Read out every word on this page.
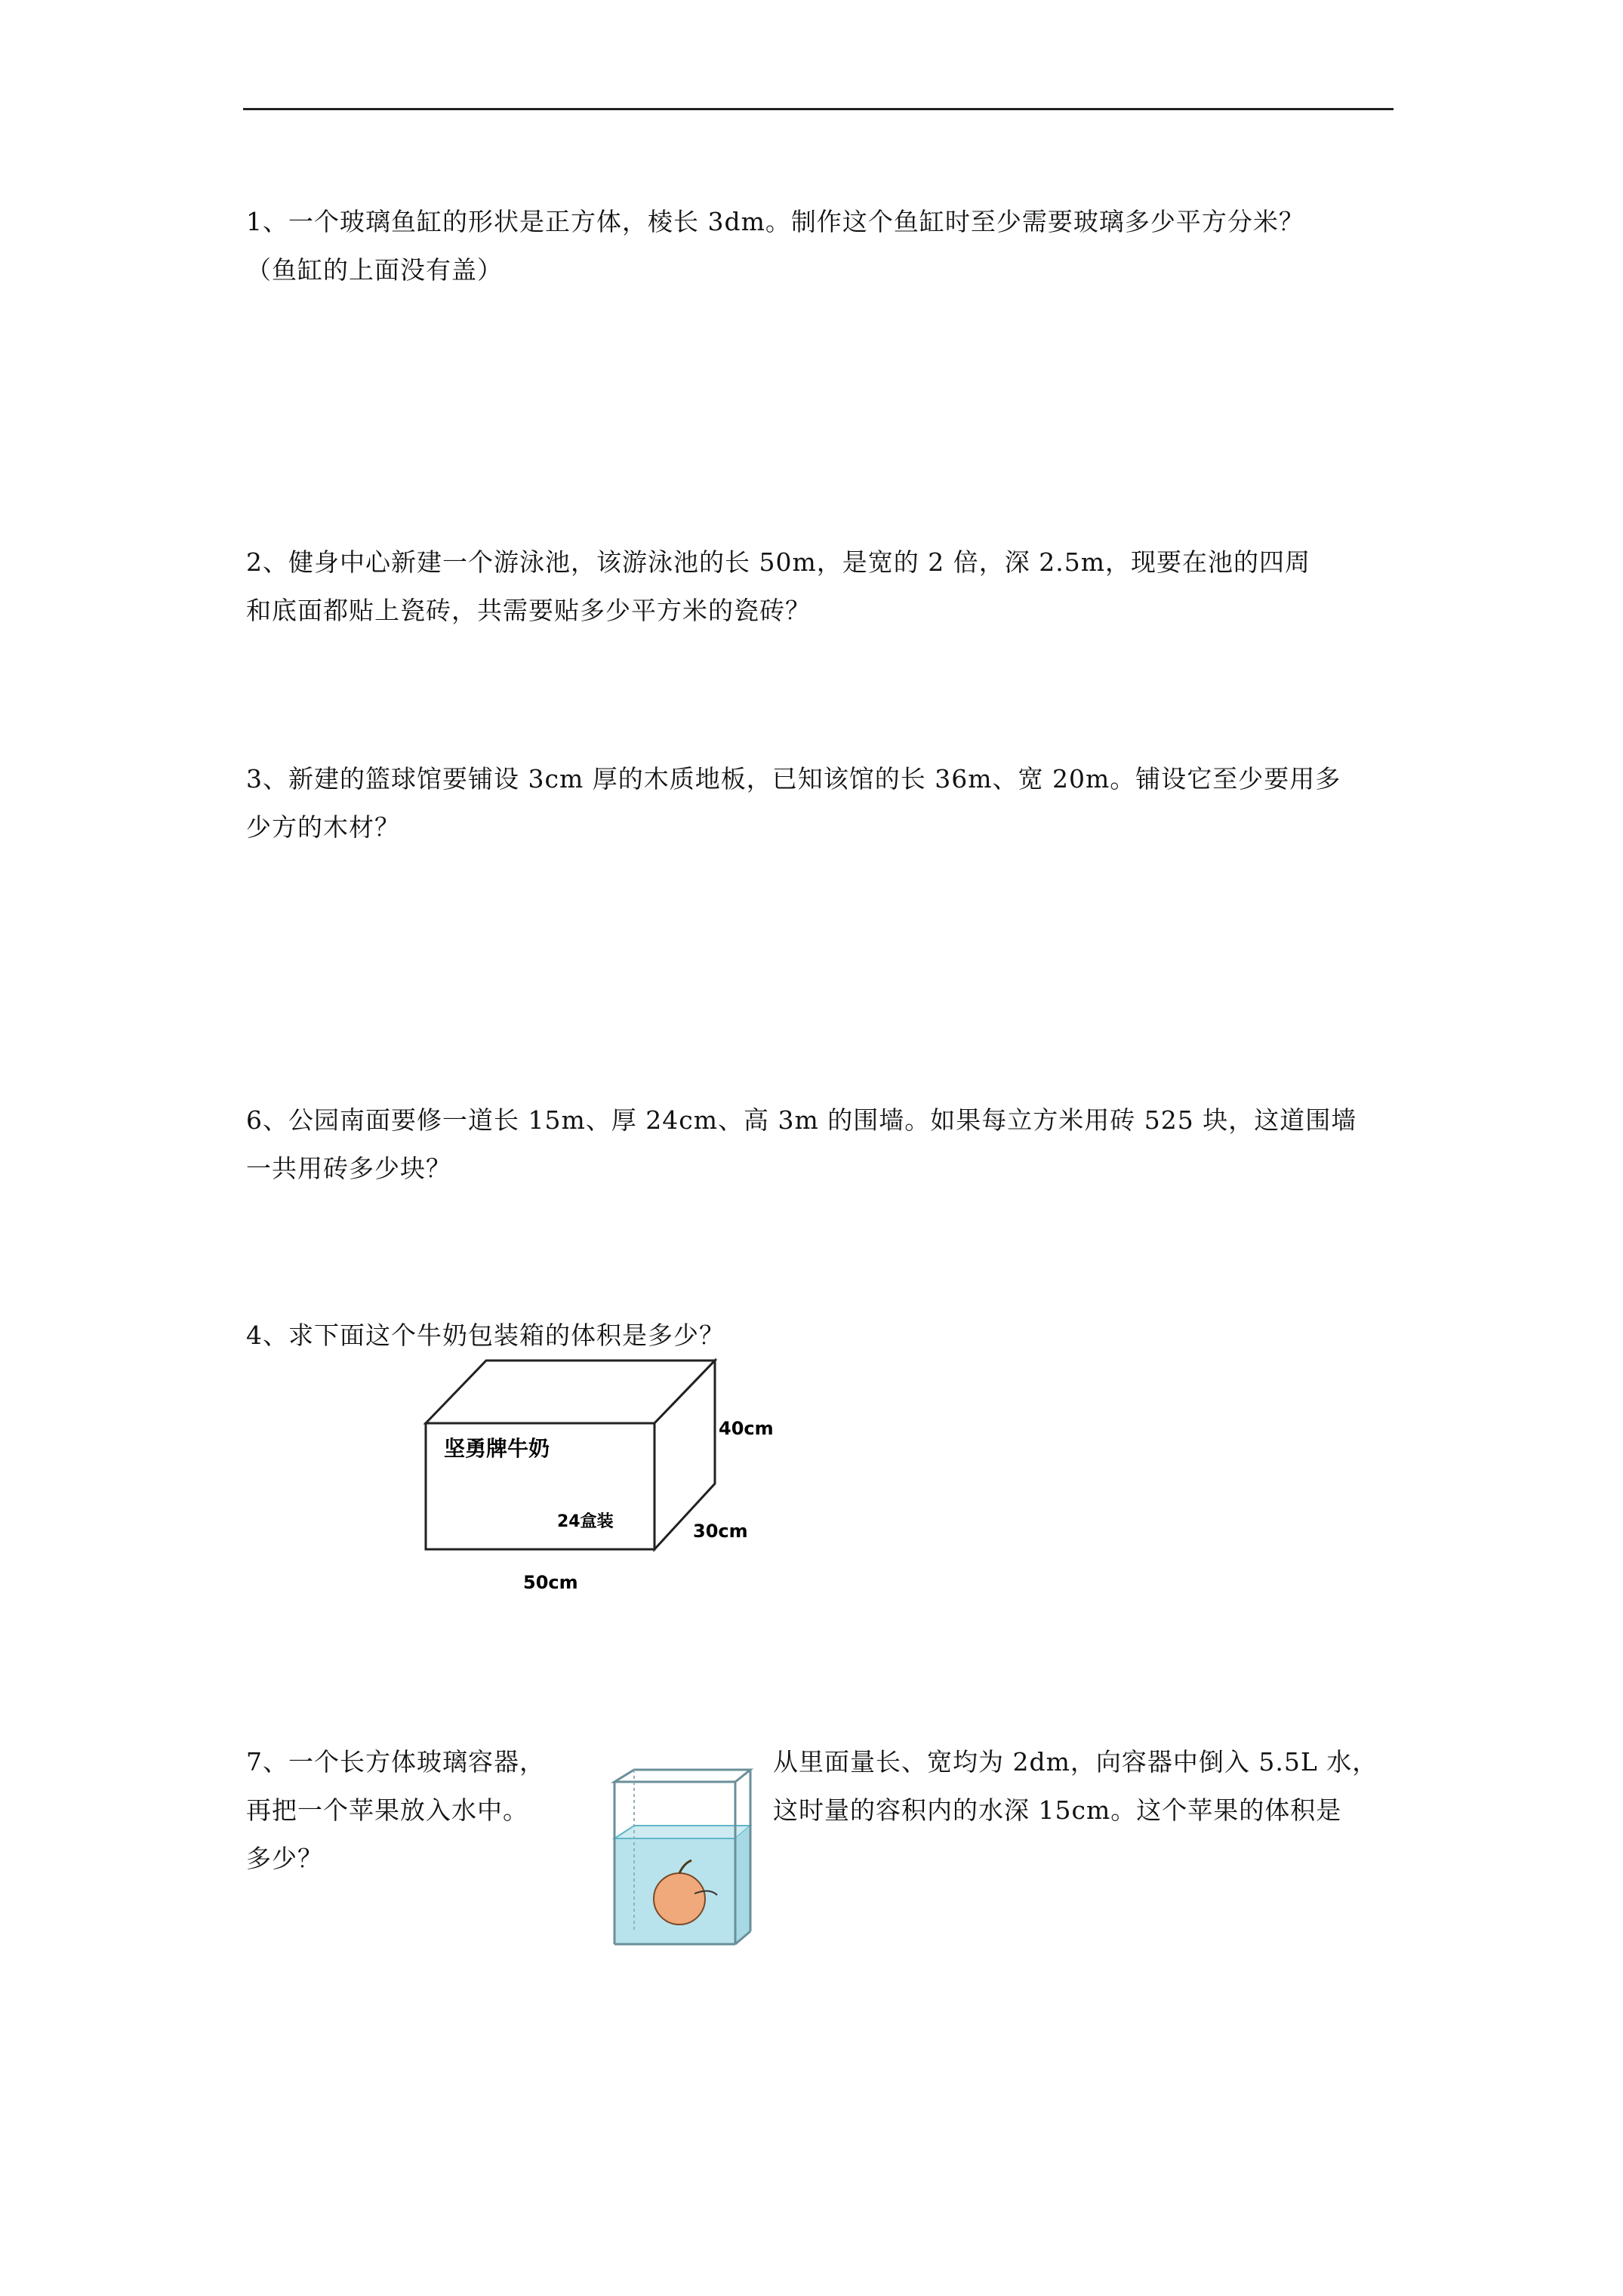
1、一个玻璃鱼缸的形状是正方体，棱长 3dm。制作这个鱼缸时至少需要玻璃多少平方分米？

（鱼缸的上面没有盖）

2、健身中心新建一个游泳池，该游泳池的长 50m，是宽的 2 倍，深 2.5m，现要在池的四周

和底面都贴上瓷砖，共需要贴多少平方米的瓷砖？

3、新建的篮球馆要铺设 3cm 厚的木质地板，已知该馆的长 36m、宽 20m。铺设它至少要用多

少方的木材？

6、公园南面要修一道长 15m、厚 24cm、高 3m 的围墙。如果每立方米用砖 525 块，这道围墙

一共用砖多少块？

4、求下面这个牛奶包装箱的体积是多少？

坚勇牌牛奶
24盒装
40cm
30cm
50cm
7、一个长方体玻璃容器，
再把一个苹果放入水中。
多少？
从里面量长、宽均为 2dm，向容器中倒入 5.5L 水，
这时量的容积内的水深 15cm。这个苹果的体积是
